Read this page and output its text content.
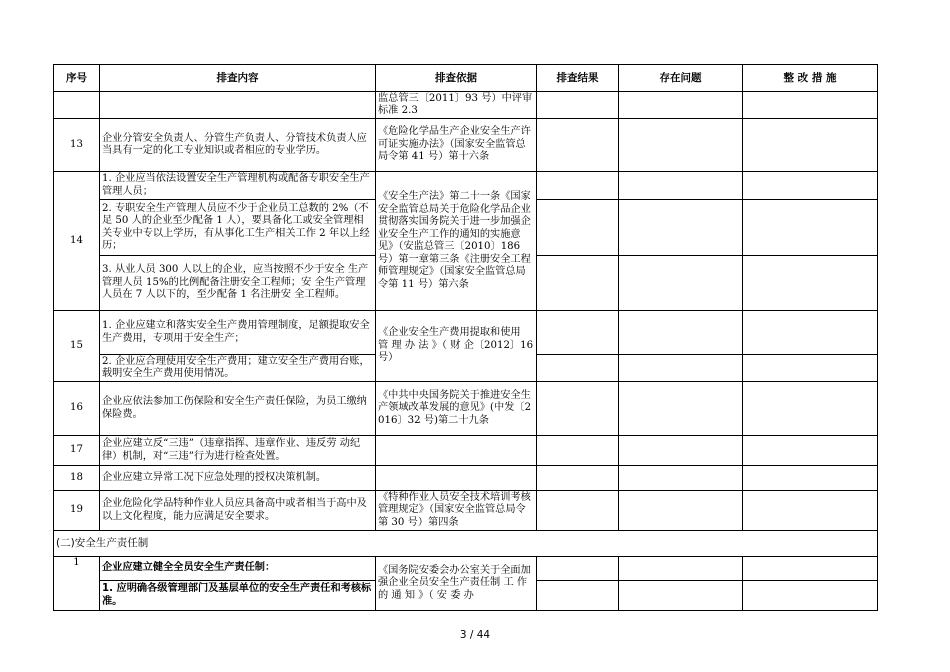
序号	排查内容	排查依据	排查结果	存在问题	整 改 措 施
		监总管三〔2011〕93 号）中评审标准 2.3			
13	企业分管安全负责人、分管生产负责人、分管技术负责人应当具有一定的化工专业知识或者相应的专业学历。	《危险化学品生产企业安全生产许可证实施办法》（国家安全监管总局令第 41 号）第十六条			
14	1. 企业应当依法设置安全生产管理机构或配备专职安全生产管理人员；	《安全生产法》第二十一条《国家安全监管总局关于危险化学品企业贯彻落实国务院关于进一步加强企业安全生产工作的通知的实施意见》（安监总管三〔2010〕186 号）第一章第三条《注册安全工程师管理规定》（国家安全监管总局令第 11 号）第六条			
	2. 专职安全生产管理人员应不少于企业员工总数的 2%（不足 50 人的企业至少配备 1 人），要具备化工或安全管理相关专业中专以上学历，有从事化工生产相关工作 2 年以上经历；				
	3. 从业人员 300 人以上的企业，应当按照不少于安全 生产管理人员 15%的比例配备注册安全工程师；安 全生产管理人员在 7 人以下的，至少配备 1 名注册安 全工程师。				
15	1. 企业应建立和落实安全生产费用管理制度，足额提取安全生产费用，专项用于安全生产；	《企业安全生产费用提取和使用 管 理 办 法 》（ 财 企〔2012〕16 号）			
	2. 企业应合理使用安全生产费用；建立安全生产费用台账，载明安全生产费用使用情况。				
16	企业应依法参加工伤保险和安全生产责任保险，为员工缴纳保险费。	《中共中央国务院关于推进安全生产领域改革发展的意见》(中发〔2016〕32 号)第二十九条			
17	企业应建立反“三违”（违章指挥、违章作业、违反劳 动纪律）机制，对“三违”行为进行检查处置。				
18	企业应建立异常工况下应急处理的授权决策机制。				
19	企业危险化学品特种作业人员应具备高中或者相当于高中及以上文化程度，能力应满足安全要求。	《特种作业人员安全技术培训考核管理规定》（国家安全监管总局令第 30 号）第四条			
(二)安全生产责任制					
1	企业应建立健全全员安全生产责任制：	《国务院安委会办公室关于全面加强企业全员安全生产责任制 工 作 的 通 知 》（ 安 委 办			
	1. 应明确各级管理部门及基层单位的安全生产责任和考核标准。				
3 / 44
